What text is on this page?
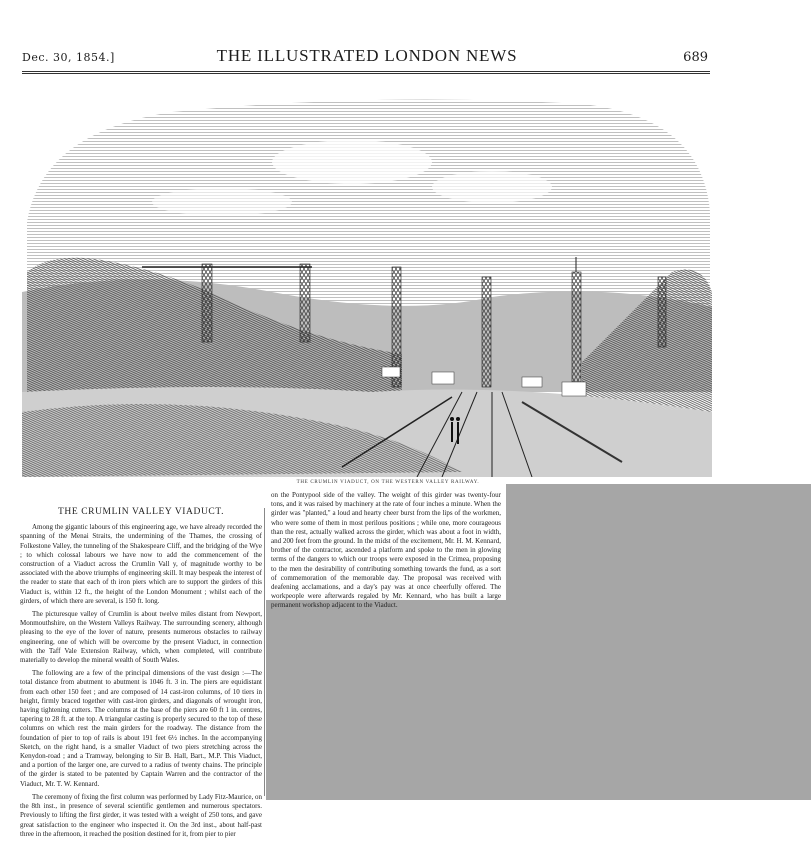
Dec. 30, 1854.]	THE ILLUSTRATED LONDON NEWS	689
THE CRUMLIN VIADUCT, ON THE WESTERN VALLEY RAILWAY.
THE CRUMLIN VALLEY VIADUCT.

Among the gigantic labours of this engineering age, we have already recorded the spanning of the Menai Straits, the undermining of the Thames, the crossing of Folkestone Valley, the tunneling of the Shakespeare Cliff, and the bridging of the Wye ; to which colossal labours we have now to add the commencement of the construction of a Viaduct across the Crumlin Vall y, of magnitude worthy to be associated with the above triumphs of engineering skill. It may bespeak the interest of the reader to state that each of th iron piers which are to support the girders of this Viaduct is, within 12 ft., the height of the London Monument ; whilst each of the girders, of which there are several, is 150 ft. long.

The picturesque valley of Crumlin is about twelve miles distant from Newport, Monmouthshire, on the Western Valleys Railway. The surrounding scenery, although pleasing to the eye of the lover of nature, presents numerous obstacles to railway engineering, one of which will be overcome by the present Viaduct, in connection with the Taff Vale Extension Railway, which, when completed, will contribute materially to develop the mineral wealth of South Wales.

The following are a few of the principal dimensions of the vast design :—The total distance from abutment to abutment is 1046 ft. 3 in. The piers are equidistant from each other 150 feet ; and are composed of 14 cast-iron columns, of 10 tiers in height, firmly braced together with cast-iron girders, and diagonals of wrought iron, having tightening cutters. The columns at the base of the piers are 60 ft 1 in. centres, tapering to 28 ft. at the top. A triangular casting is properly secured to the top of these columns on which rest the main girders for the roadway. The distance from the foundation of pier to top of rails is about 191 feet 6½ inches. In the accompanying Sketch, on the right hand, is a smaller Viaduct of two piers stretching across the Kenydon-road ; and a Tramway, belonging to Sir B. Hall, Bart., M.P. This Viaduct, and a portion of the larger one, are curved to a radius of twenty chains. The principle of the girder is stated to be patented by Captain Warren and the contractor of the Viaduct, Mr. T. W. Kennard.

The ceremony of fixing the first column was performed by Lady Fitz-Maurice, on the 8th inst., in presence of several scientific gentlemen and numerous spectators. Previously to lifting the first girder, it was tested with a weight of 250 tons, and gave great satisfaction to the engineer who inspected it. On the 3rd inst., about half-past three in the afternoon, it reached the position destined for it, from pier to pier

on the Pontypool side of the valley. The weight of this girder was twenty-four tons, and it was raised by machinery at the rate of four inches a minute. When the girder was "planted," a loud and hearty cheer burst from the lips of the workmen, who were some of them in most perilous positions ; while one, more courageous than the rest, actually walked across the girder, which was about a foot in width, and 200 feet from the ground. In the midst of the excitement, Mr. H. M. Kennard, brother of the contractor, ascended a platform and spoke to the men in glowing terms of the dangers to which our troops were exposed in the Crimea, proposing to the men the desirability of contributing something towards the fund, as a sort of commemoration of the memorable day. The proposal was received with deafening acclamations, and a day's pay was at once cheerfully offered. The workpeople were afterwards regaled by Mr. Kennard, who has built a large permanent workshop adjacent to the Viaduct.
